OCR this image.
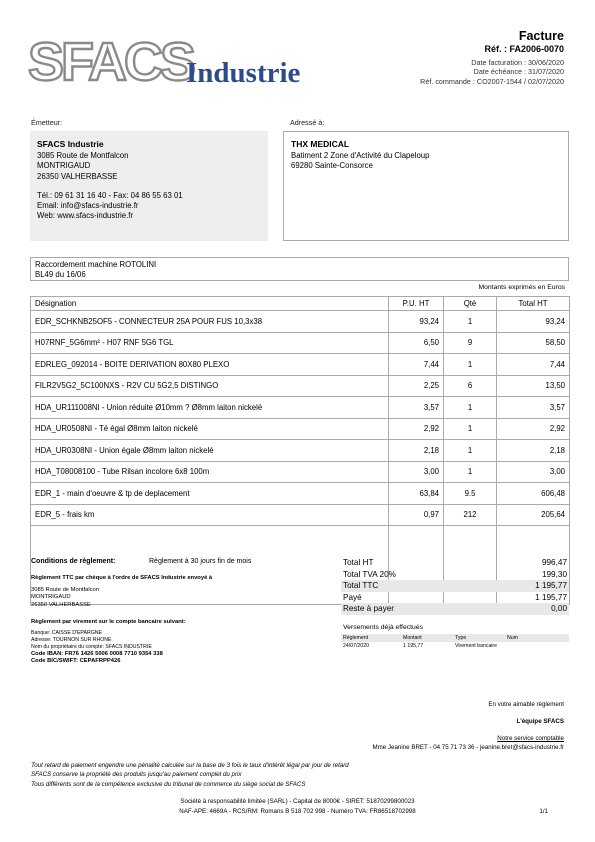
SFACS
Industrie
Facture
Réf. : FA2006-0070
Date facturation : 30/06/2020
Date échéance : 31/07/2020
Réf. commande : CO2007-1544 / 02/07/2020
Émetteur:
SFACS Industrie
3085 Route de Montfalcon
MONTRIGAUD
26350 VALHERBASSE
Tél.: 09 61 31 16 40 - Fax: 04 86 55 63 01
Email: info@sfacs-industrie.fr
Web: www.sfacs-industrie.fr
Adressé à:
THX MEDICAL
Batiment 2 Zone d'Activité du Clapeloup
69280 Sainte-Consorce
Raccordement machine ROTOLINI
BL49 du 16/06
Montants exprimés en Euros
Désignation	P.U. HT	Qté	Total HT
EDR_SCHKNB25OF5 - CONNECTEUR 25A POUR FUS 10,3x38	93,24	1	93,24
H07RNF_5G6mm² - H07 RNF 5G6 TGL	6,50	9	58,50
EDRLEG_092014 - BOITE DERIVATION 80X80 PLEXO	7,44	1	7,44
FILR2V5G2_5C100NXS - R2V CU 5G2,5 DISTINGO	2,25	6	13,50
HDA_UR111008NI - Union réduite Ø10mm ? Ø8mm laiton nickelé	3,57	1	3,57
HDA_UR0508NI - Té égal Ø8mm laiton nickelé	2,92	1	2,92
HDA_UR0308NI - Union égale Ø8mm laiton nickelé	2,18	1	2,18
HDA_T08008100 - Tube Rilsan incolore 6x8 100m	3,00	1	3,00
EDR_1 - main d'oeuvre & tp de deplacement	63,84	9.5	606,48
EDR_5 - frais km	0,97	212	205,64

Conditions de règlement:	Règlement à 30 jours fin de mois
Règlement TTC par chèque à l'ordre de SFACS Industrie envoyé à
3085 Route de Montfalcon
MONTRIGAUD
26350 VALHERBASSE
Règlement par virement sur le compte bancaire suivant:
Banque: CAISSE D'EPARGNE
Adresse: TOURNON SUR RHONE
Nom du propriétaire du compte: SFACS INDUSTRIE
Code IBAN: FR76 1426 5006 0008 7710 9354 338
Code BIC/SWIFT: CEPAFRPP426
Total HT	996,47
Total TVA 20%	199,30
Total TTC	1 195,77
Payé	1 195,77
Reste à payer	0,00
Versements déjà effectués
Règlement	Montant	Type	Num
24/07/2020	1 195,77	Virement bancaire
En votre aimable règlement
L'équipe SFACS
Notre service comptable
Mme Jeanine BRET - 04 75 71 73 36 - jeanine.bret@sfacs-industrie.fr
Tout retard de paiement engendre une pénalité calculée sur la base de 3 fois le taux d'intérêt légal par jour de retard
SFACS conserve la propriété des produits jusqu'au paiement complet du prix
Tous différents sont de la compétence exclusive du tribunal de commerce du siège social de SFACS
Société à responsabilité limitée (SARL) - Capital de 8000€ - SIRET: 51870299800023
NAF-APE: 4669A - RCS/RM: Romans B 518 702 998 - Numéro TVA: FR86518702998	1/1
